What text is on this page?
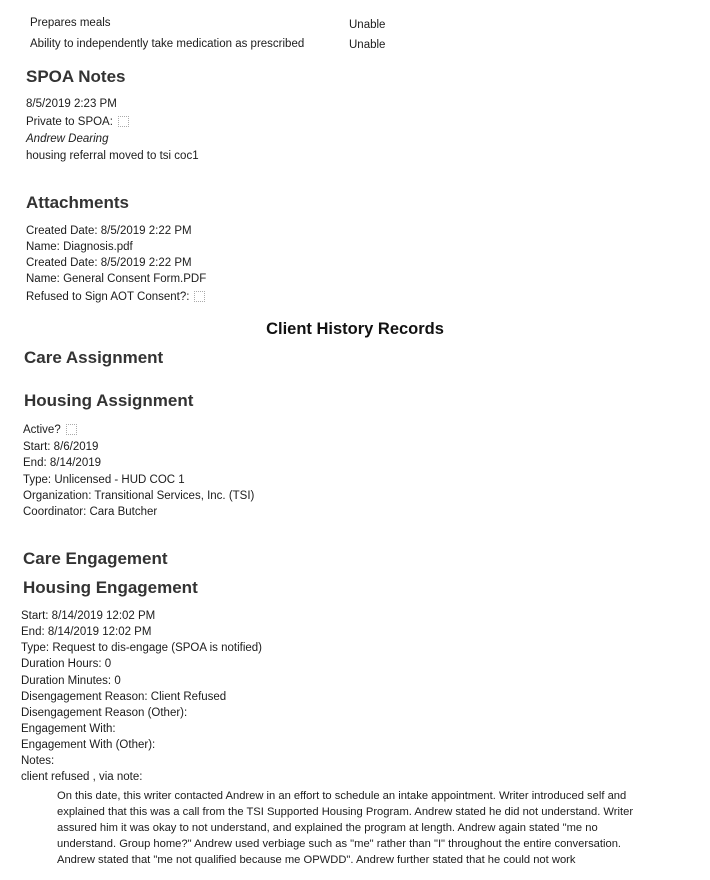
Prepares meals	Unable
Ability to independently take medication as prescribed	Unable
SPOA Notes
8/5/2019 2:23 PM
Private to SPOA:
Andrew Dearing
housing referral moved to tsi coc1
Attachments
Created Date: 8/5/2019 2:22 PM
Name: Diagnosis.pdf
Created Date: 8/5/2019 2:22 PM
Name: General Consent Form.PDF
Refused to Sign AOT Consent?:
Client History Records
Care Assignment
Housing Assignment
Active?
Start: 8/6/2019
End: 8/14/2019
Type: Unlicensed - HUD COC 1
Organization: Transitional Services, Inc. (TSI)
Coordinator: Cara Butcher
Care Engagement
Housing Engagement
Start: 8/14/2019 12:02 PM
End: 8/14/2019 12:02 PM
Type: Request to dis-engage (SPOA is notified)
Duration Hours: 0
Duration Minutes: 0
Disengagement Reason: Client Refused
Disengagement Reason (Other):
Engagement With:
Engagement With (Other):
Notes:
client refused , via note:
On this date, this writer contacted Andrew in an effort to schedule an intake appointment. Writer introduced self and
explained that this was a call from the TSI Supported Housing Program. Andrew stated he did not understand. Writer
assured him it was okay to not understand, and explained the program at length. Andrew again stated "me no
understand. Group home?" Andrew used verbiage such as "me" rather than "I" throughout the entire conversation.
Andrew stated that "me not qualified because me OPWDD". Andrew further stated that he could not work
